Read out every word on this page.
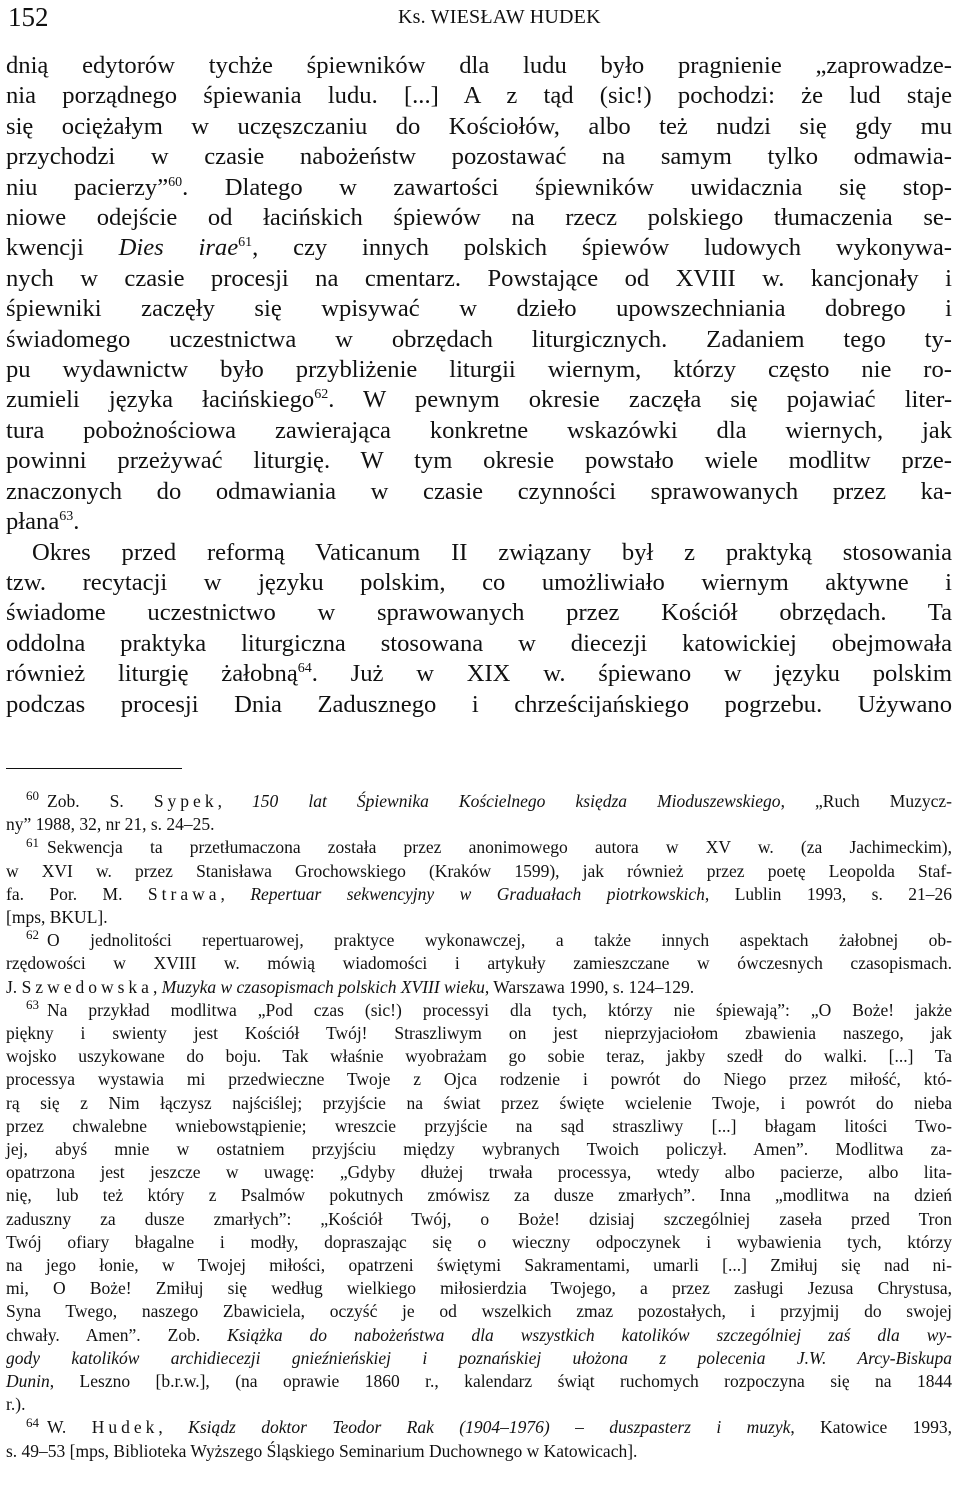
152	Ks. WIESŁAW HUDEK

dnią edytorów tychże śpiewników dla ludu było pragnienie „zaprowadze-
nia porządnego śpiewania ludu. [...] A z tąd (sic!) pochodzi: że lud staje
się ociężałym w uczęszczaniu do Kościołów, albo też nudzi się gdy mu
przychodzi w czasie nabożeństw pozostawać na samym tylko odmawia-
niu pacierzy”$^{60}$. Dlatego w zawartości śpiewników uwidacznia się stop-
niowe odejście od łacińskich śpiewów na rzecz polskiego tłumaczenia se-
kwencji Dies irae$^{61}$, czy innych polskich śpiewów ludowych wykonywa-
nych w czasie procesji na cmentarz. Powstające od XVIII w. kancjonały i
śpiewniki zaczęły się wpisywać w dzieło upowszechniania dobrego i
świadomego uczestnictwa w obrzędach liturgicznych. Zadaniem tego ty-
pu wydawnictw było przybliżenie liturgii wiernym, którzy często nie ro-
zumieli języka łacińskiego$^{62}$. W pewnym okresie zaczęła się pojawiać liter-
tura pobożnościowa zawierająca konkretne wskazówki dla wiernych, jak
powinni przeżywać liturgię. W tym okresie powstało wiele modlitw prze-
znaczonych do odmawiania w czasie czynności sprawowanych przez ka-
płana$^{63}$.

Okres przed reformą Vaticanum II związany był z praktyką stosowania
tzw. recytacji w języku polskim, co umożliwiało wiernym aktywne i
świadome uczestnictwo w sprawowanych przez Kościół obrzędach. Ta
oddolna praktyka liturgiczna stosowana w diecezji katowickiej obejmowała
również liturgię żałobną$^{64}$. Już w XIX w. śpiewano w języku polskim
podczas procesji Dnia Zadusznego i chrześcijańskiego pogrzebu. Używano

60 Zob. S. Sypek, 150 lat Śpiewnika Kościelnego księdza Mioduszewskiego, „Ruch Muzycz-
ny” 1988, 32, nr 21, s. 24–25.
61 Sekwencja ta przetłumaczona została przez anonimowego autora w XV w. (za Jachimeckim),
w XVI w. przez Stanisława Grochowskiego (Kraków 1599), jak również przez poetę Leopolda Staf-
fa. Por. M. Strawa, Repertuar sekwencyjny w Graduałach piotrkowskich, Lublin 1993, s. 21–26
[mps, BKUL].
62 O jednolitości repertuarowej, praktyce wykonawczej, a także innych aspektach żałobnej ob-
rzędowości w XVIII w. mówią wiadomości i artykuły zamieszczane w ówczesnych czasopismach.
J. Szwedowska, Muzyka w czasopismach polskich XVIII wieku, Warszawa 1990, s. 124–129.
63 Na przykład modlitwa „Pod czas (sic!) processyi dla tych, którzy nie śpiewają”: „O Boże! jakże
piękny i swienty jest Kościół Twój! Straszliwym on jest nieprzyjaciołom zbawienia naszego, jak
wojsko uszykowane do boju. Tak właśnie wyobrażam go sobie teraz, jakby szedł do walki. [...] Ta
processya wystawia mi przedwieczne Twoje z Ojca rodzenie i powrót do Niego przez miłość, któ-
rą się z Nim łączysz najściślej; przyjście na świat przez święte wcielenie Twoje, i powrót do nieba
przez chwalebne wniebowstąpienie; wreszcie przyjście na sąd straszliwy [...] błagam litości Two-
jej, abyś mnie w ostatniem przyjściu między wybranych Twoich policzył. Amen”. Modlitwa za-
opatrzona jest jeszcze w uwagę: „Gdyby dłużej trwała processya, wtedy albo pacierze, albo lita-
nię, lub też który z Psalmów pokutnych zmówisz za dusze zmarłych”. Inna „modlitwa na dzień
zaduszny za dusze zmarłych”: „Kościół Twój, o Boże! dzisiaj szczególniej zaseła przed Tron
Twój ofiary błagalne i modły, dopraszając się o wieczny odpoczynek i wybawienia tych, którzy
na jego łonie, w Twojej miłości, opatrzeni świętymi Sakramentami, umarli [...] Zmiłuj się nad ni-
mi, O Boże! Zmiłuj się według wielkiego miłosierdzia Twojego, a przez zasługi Jezusa Chrystusa,
Syna Twego, naszego Zbawiciela, oczyść je od wszelkich zmaz pozostałych, i przyjmij do swojej
chwały. Amen”. Zob. Książka do nabożeństwa dla wszystkich katolików szczególniej zaś dla wy-
gody katolików archidiecezji gnieźnieńskiej i poznańskiej ułożona z polecenia J.W. Arcy-Biskupa
Dunin, Leszno [b.r.w.], (na oprawie 1860 r., kalendarz świąt ruchomych rozpoczyna się na 1844
r.).
64 W. Hudek, Ksiądz doktor Teodor Rak (1904–1976) – duszpasterz i muzyk, Katowice 1993,
s. 49–53 [mps, Biblioteka Wyższego Śląskiego Seminarium Duchownego w Katowicach].
